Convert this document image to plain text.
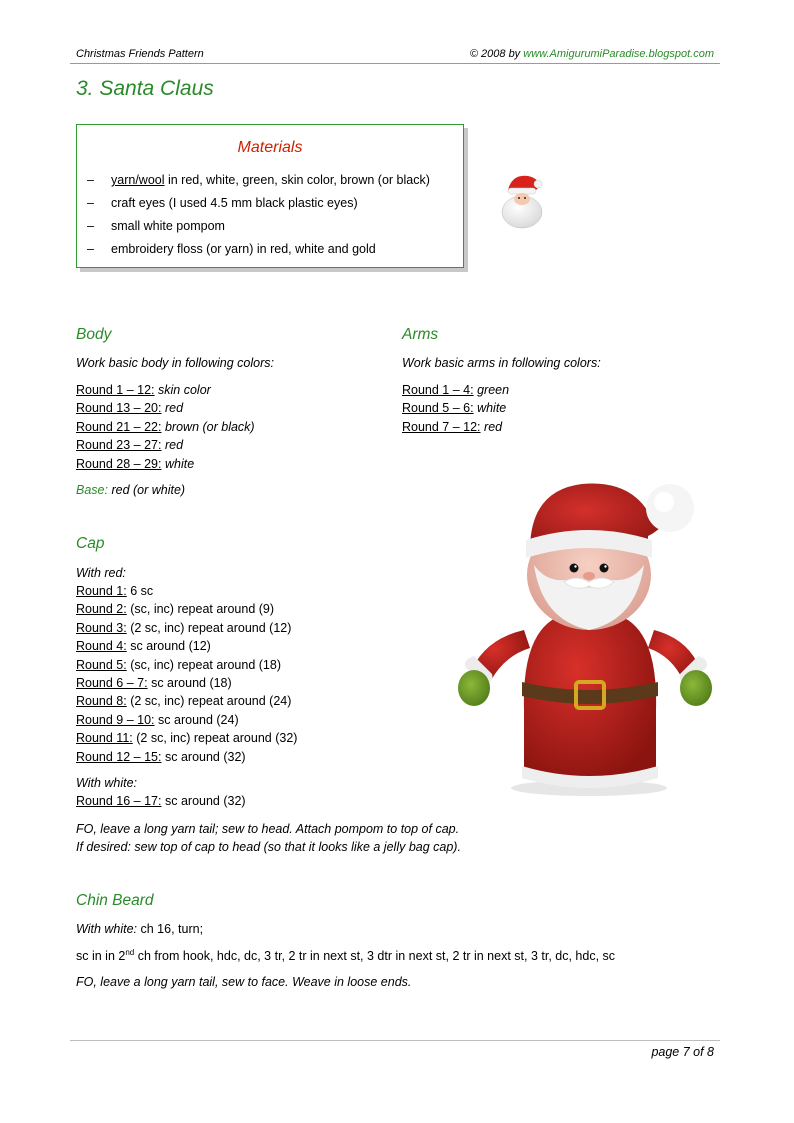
Christmas Friends Pattern	© 2008 by www.AmigurumiParadise.blogspot.com
3. Santa Claus
Materials
– yarn/wool in red, white, green, skin color, brown (or black)
– craft eyes (I used 4.5 mm black plastic eyes)
– small white pompom
– embroidery floss (or yarn) in red, white and gold
Body
Work basic body in following colors:
Round 1 – 12: skin color
Round 13 – 20: red
Round 21 – 22: brown (or black)
Round 23 – 27: red
Round 28 – 29: white
Base: red (or white)
Arms
Work basic arms in following colors:
Round 1 – 4: green
Round 5 – 6: white
Round 7 – 12: red
Cap
With red:
Round 1: 6 sc
Round 2: (sc, inc) repeat around (9)
Round 3: (2 sc, inc) repeat around (12)
Round 4: sc around (12)
Round 5: (sc, inc) repeat around (18)
Round 6 – 7: sc around (18)
Round 8: (2 sc, inc) repeat around (24)
Round 9 – 10: sc around (24)
Round 11: (2 sc, inc) repeat around (32)
Round 12 – 15: sc around (32)
With white:
Round 16 – 17: sc around (32)
FO, leave a long yarn tail; sew to head. Attach pompom to top of cap.
If desired: sew top of cap to head (so that it looks like a jelly bag cap).
Chin Beard
With white: ch 16, turn;
sc in in 2nd ch from hook, hdc, dc, 3 tr, 2 tr in next st, 3 dtr in next st, 2 tr in next st, 3 tr, dc, hdc, sc
FO, leave a long yarn tail, sew to face. Weave in loose ends.
page 7 of 8
